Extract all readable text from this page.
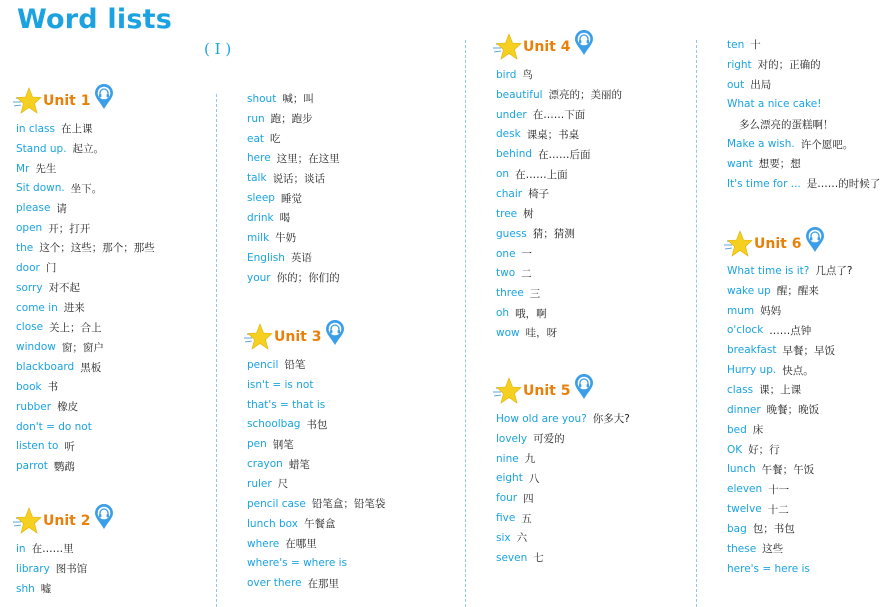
Word lists
( I )
Unit 1
in class 在上课
Stand up. 起立。
Mr 先生
Sit down. 坐下。
please 请
open 开；打开
the 这个；这些；那个；那些
door 门
sorry 对不起
come in 进来
close 关上；合上
window 窗；窗户
blackboard 黑板
book 书
rubber 橡皮
don't = do not
listen to 听
parrot 鹦鹉
Unit 2
in 在……里
library 图书馆
shh 嘘
shout 喊；叫
run 跑；跑步
eat 吃
here 这里；在这里
talk 说话；谈话
sleep 睡觉
drink 喝
milk 牛奶
English 英语
your 你的；你们的
Unit 3
pencil 铅笔
isn't = is not
that's = that is
schoolbag 书包
pen 钢笔
crayon 蜡笔
ruler 尺
pencil case 铅笔盒；铅笔袋
lunch box 午餐盒
where 在哪里
where's = where is
over there 在那里
Unit 4
bird 鸟
beautiful 漂亮的；美丽的
under 在……下面
desk 课桌；书桌
behind 在……后面
on 在……上面
chair 椅子
tree 树
guess 猜；猜测
one 一
two 二
three 三
oh 哦，啊
wow 哇，呀
Unit 5
How old are you? 你多大?
lovely 可爱的
nine 九
eight 八
four 四
five 五
six 六
seven 七
ten 十
right 对的；正确的
out 出局
What a nice cake!
多么漂亮的蛋糕啊！
Make a wish. 许个愿吧。
want 想要；想
It's time for ... 是……的时候了
Unit 6
What time is it? 几点了?
wake up 醒；醒来
mum 妈妈
o'clock ……点钟
breakfast 早餐；早饭
Hurry up. 快点。
class 课；上课
dinner 晚餐；晚饭
bed 床
OK 好；行
lunch 午餐；午饭
eleven 十一
twelve 十二
bag 包；书包
these 这些
here's = here is
